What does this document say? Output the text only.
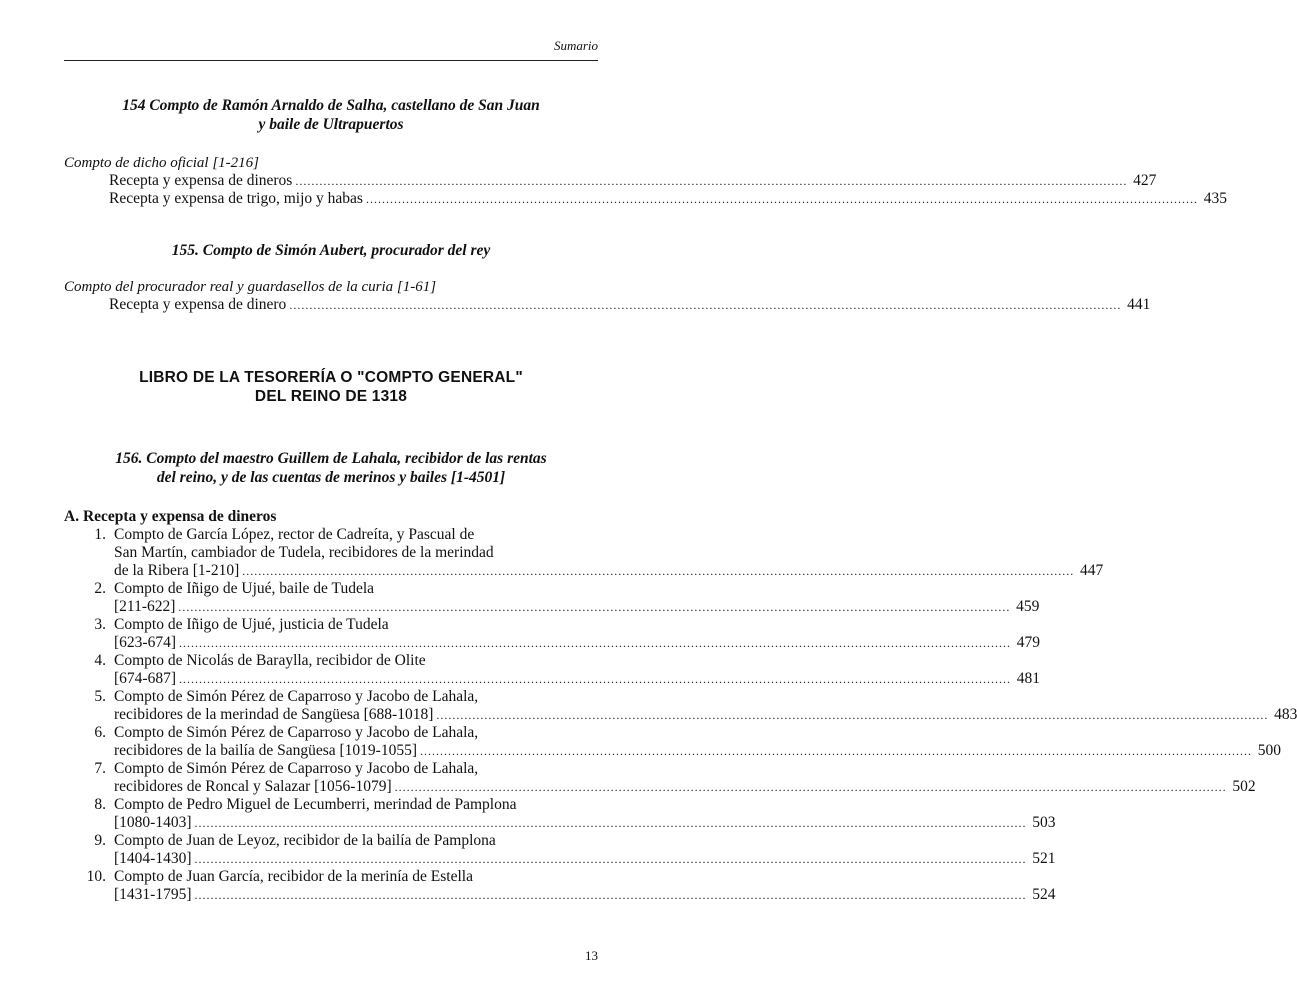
Sumario
154 Compto de Ramón Arnaldo de Salha, castellano de San Juan
y baile de Ultrapuertos
Compto de dicho oficial [1-216]
Recepta y expensa de dineros .....	427
Recepta y expensa de trigo, mijo y habas .....	435
155. Compto de Simón Aubert, procurador del rey
Compto del procurador real y guardasellos de la curia [1-61]
Recepta y expensa de dinero .....	441
LIBRO DE LA TESORERÍA O "COMPTO GENERAL"
DEL REINO DE 1318
156. Compto del maestro Guillem de Lahala, recibidor de las rentas
del reino, y de las cuentas de merinos y bailes [1-4501]
A. Recepta y expensa de dineros
1. Compto de García López, rector de Cadreíta, y Pascual de
San Martín, cambiador de Tudela, recibidores de la merindad
de la Ribera [1-210] .....	447
2. Compto de Iñigo de Ujué, baile de Tudela
[211-622] .....	459
3. Compto de Iñigo de Ujué, justicia de Tudela
[623-674] .....	479
4. Compto de Nicolás de Baraylla, recibidor de Olite
[674-687] .....	481
5. Compto de Simón Pérez de Caparroso y Jacobo de Lahala,
recibidores de la merindad de Sangüesa [688-1018] .....	483
6. Compto de Simón Pérez de Caparroso y Jacobo de Lahala,
recibidores de la bailía de Sangüesa [1019-1055] .....	500
7. Compto de Simón Pérez de Caparroso y Jacobo de Lahala,
recibidores de Roncal y Salazar [1056-1079] .....	502
8. Compto de Pedro Miguel de Lecumberri, merindad de Pamplona
[1080-1403] .....	503
9. Compto de Juan de Leyoz, recibidor de la bailía de Pamplona
[1404-1430] .....	521
10. Compto de Juan García, recibidor de la merinía de Estella
[1431-1795] .....	524
13
